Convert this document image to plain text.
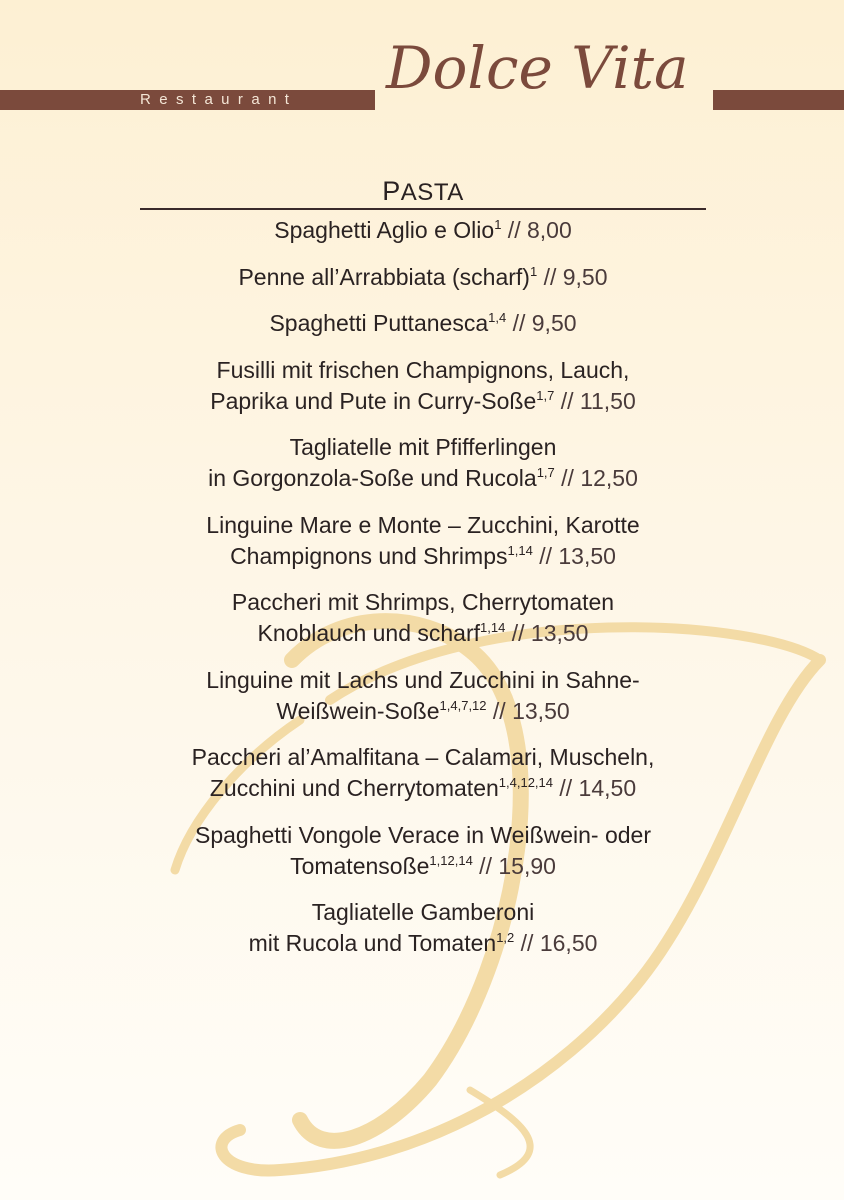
Restaurant Dolce Vita
PASTA
Spaghetti Aglio e Olio$^1$ // 8,00
Penne all’Arrabbiata (scharf)$^1$ // 9,50
Spaghetti Puttanesca$^{1,4}$ // 9,50
Fusilli mit frischen Champignons, Lauch,
Paprika und Pute in Curry-Soße$^{1,7}$ // 11,50
Tagliatelle mit Pfifferlingen
in Gorgonzola-Soße und Rucola$^{1,7}$ // 12,50
Linguine Mare e Monte – Zucchini, Karotte
Champignons und Shrimps$^{1,14}$ // 13,50
Paccheri mit Shrimps, Cherrytomaten
Knoblauch und scharf$^{1,14}$ // 13,50
Linguine mit Lachs und Zucchini in Sahne-
Weißwein-Soße$^{1,4,7,12}$ // 13,50
Paccheri al’Amalfitana – Calamari, Muscheln,
Zucchini und Cherrytomaten$^{1,4,12,14}$ // 14,50
Spaghetti Vongole Verace in Weißwein- oder
Tomatensoße$^{1,12,14}$ // 15,90
Tagliatelle Gamberoni
mit Rucola und Tomaten$^{1,2}$ // 16,50
